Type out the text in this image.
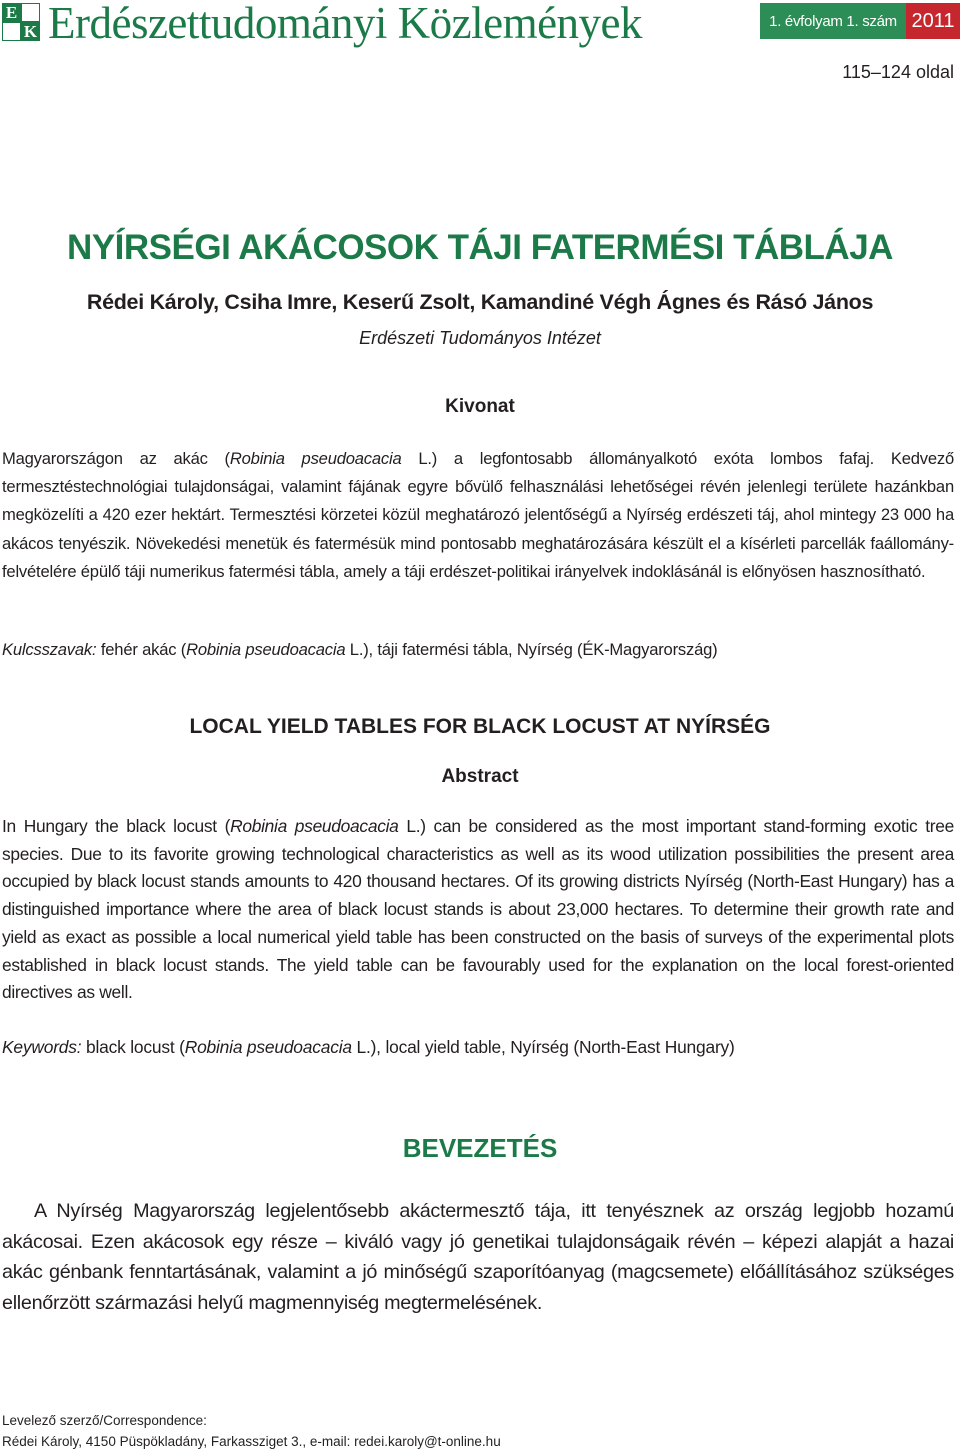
E
K Erdészettudományi Közlemények	1. évfolyam 1. szám 2011
115–124 oldal
NYÍRSÉGI AKÁCOSOK TÁJI FATERMÉSI TÁBLÁJA
Rédei Károly, Csiha Imre, Keserű Zsolt, Kamandiné Végh Ágnes és Rásó János
Erdészeti Tudományos Intézet
Kivonat
Magyarországon az akác (Robinia pseudoacacia L.) a legfontosabb állományalkotó exóta lombos fafaj. Kedvező termesztéstechnológiai tulajdonságai, valamint fájának egyre bővülő felhasználási lehetőségei révén jelenlegi területe hazánkban megközelíti a 420 ezer hektárt. Termesztési körzetei közül meghatározó jelentőségű a Nyírség erdészeti táj, ahol mintegy 23 000 ha akácos tenyészik. Növekedési menetük és fatermésük mind pontosabb meghatározására készült el a kísérleti parcellák faállomány-felvételére épülő táji numerikus fatermési tábla, amely a táji erdészet-politikai irányelvek indoklásánál is előnyösen hasznosítható.
Kulcsszavak: fehér akác (Robinia pseudoacacia L.), táji fatermési tábla, Nyírség (ÉK-Magyarország)
LOCAL YIELD TABLES FOR BLACK LOCUST AT NYÍRSÉG
Abstract
In Hungary the black locust (Robinia pseudoacacia L.) can be considered as the most important stand-forming exotic tree species. Due to its favorite growing technological characteristics as well as its wood utilization possibilities the present area occupied by black locust stands amounts to 420 thousand hectares. Of its growing districts Nyírség (North-East Hungary) has a distinguished importance where the area of black locust stands is about 23,000 hectares. To determine their growth rate and yield as exact as possible a local numerical yield table has been constructed on the basis of surveys of the experimental plots established in black locust stands. The yield table can be favourably used for the explanation on the local forest-oriented directives as well.
Keywords: black locust (Robinia pseudoacacia L.), local yield table, Nyírség (North-East Hungary)
BEVEZETÉS
A Nyírség Magyarország legjelentősebb akáctermesztő tája, itt tenyésznek az ország legjobb hozamú akácosai. Ezen akácosok egy része – kiváló vagy jó genetikai tulajdonságaik révén – képezi alapját a hazai akác génbank fenntartásának, valamint a jó minőségű szaporítóanyag (magcsemete) előállításához szükséges ellenőrzött származási helyű magmennyiség megtermelésének.
Levelező szerző/Correspondence:
Rédei Károly, 4150 Püspökladány, Farkassziget 3., e-mail: redei.karoly@t-online.hu
